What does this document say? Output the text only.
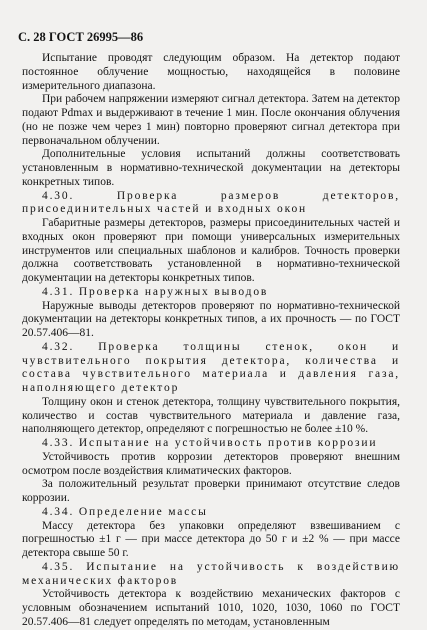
С. 28 ГОСТ 26995—86

Испытание проводят следующим образом. На детектор подают постоянное облучение мощностью, находящейся в половине измерительного диапазона.

При рабочем напряжении измеряют сигнал детектора. Затем на детектор подают Pdmax и выдерживают в течение 1 мин. После окончания облучения (но не позже чем через 1 мин) повторно проверяют сигнал детектора при первоначальном облучении.

Дополнительные условия испытаний должны соответствовать установленным в нормативно-технической документации на детекторы конкретных типов.

4.30. Проверка размеров детекторов, присоединительных частей и входных окон

Габаритные размеры детекторов, размеры присоединительных частей и входных окон проверяют при помощи универсальных измерительных инструментов или специальных шаблонов и калибров. Точность проверки должна соответствовать установленной в нормативно-технической документации на детекторы конкретных типов.

4.31. Проверка наружных выводов

Наружные выводы детекторов проверяют по нормативно-технической документации на детекторы конкретных типов, а их прочность — по ГОСТ 20.57.406—81.

4.32. Проверка толщины стенок, окон и чувствительного покрытия детектора, количества и состава чувствительного материала и давления газа, наполняющего детектор

Толщину окон и стенок детектора, толщину чувствительного покрытия, количество и состав чувствительного материала и давление газа, наполняющего детектор, определяют с погрешностью не более ±10 %.

4.33. Испытание на устойчивость против коррозии

Устойчивость против коррозии детекторов проверяют внешним осмотром после воздействия климатических факторов.

За положительный результат проверки принимают отсутствие следов коррозии.

4.34. Определение массы

Массу детектора без упаковки определяют взвешиванием с погрешностью ±1 г — при массе детектора до 50 г и ±2 % — при массе детектора свыше 50 г.

4.35. Испытание на устойчивость к воздействию механических факторов

Устойчивость детектора к воздействию механических факторов с условным обозначением испытаний 1010, 1020, 1030, 1060 по ГОСТ 20.57.406—81 следует определять по методам, установленным
